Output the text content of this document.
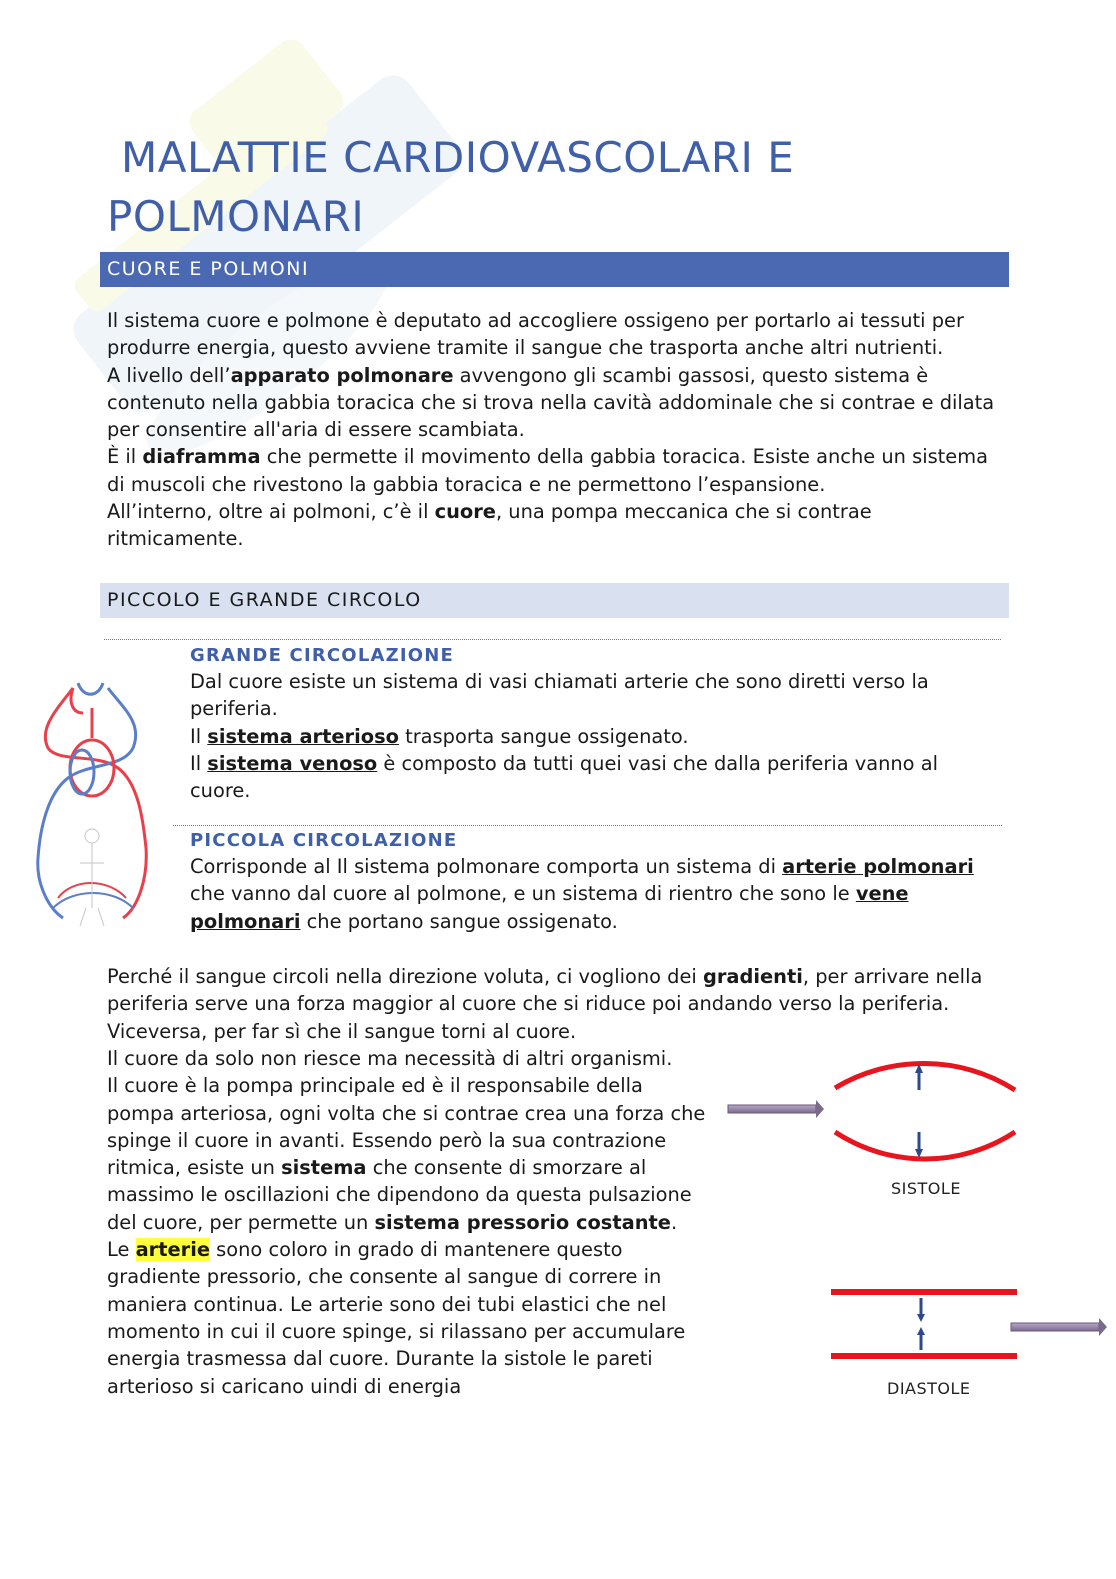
MALATTIE CARDIOVASCOLARI E POLMONARI
CUORE E POLMONI

Il sistema cuore e polmone è deputato ad accogliere ossigeno per portarlo ai tessuti per produrre energia, questo avviene tramite il sangue che trasporta anche altri nutrienti.

A livello dell’apparato polmonare avvengono gli scambi gassosi, questo sistema è contenuto nella gabbia toracica che si trova nella cavità addominale che si contrae e dilata per consentire all'aria di essere scambiata.

È il diaframma che permette il movimento della gabbia toracica. Esiste anche un sistema di muscoli che rivestono la gabbia toracica e ne permettono l’espansione.

All’interno, oltre ai polmoni, c’è il cuore, una pompa meccanica che si contrae ritmicamente.

PICCOLO E GRANDE CIRCOLO
GRANDE CIRCOLAZIONE

Dal cuore esiste un sistema di vasi chiamati arterie che sono diretti verso la periferia.

Il sistema arterioso trasporta sangue ossigenato.

Il sistema venoso è composto da tutti quei vasi che dalla periferia vanno al cuore.

PICCOLA CIRCOLAZIONE

Corrisponde al Il sistema polmonare comporta un sistema di arterie polmonari che vanno dal cuore al polmone, e un sistema di rientro che sono le vene polmonari che portano sangue ossigenato.

Perché il sangue circoli nella direzione voluta, ci vogliono dei gradienti, per arrivare nella periferia serve una forza maggior al cuore che si riduce poi andando verso la periferia. Viceversa, per far sì che il sangue torni al cuore.

Il cuore da solo non riesce ma necessità di altri organismi.

Il cuore è la pompa principale ed è il responsabile della pompa arteriosa, ogni volta che si contrae crea una forza che spinge il cuore in avanti. Essendo però la sua contrazione ritmica, esiste un sistema che consente di smorzare al massimo le oscillazioni che dipendono da questa pulsazione del cuore, per permette un sistema pressorio costante.

Le arterie sono coloro in grado di mantenere questo gradiente pressorio, che consente al sangue di correre in maniera continua. Le arterie sono dei tubi elastici che nel momento in cui il cuore spinge, si rilassano per accumulare energia trasmessa dal cuore. Durante la sistole le pareti arterioso si caricano uindi di energia

SISTOLE
DIASTOLE
